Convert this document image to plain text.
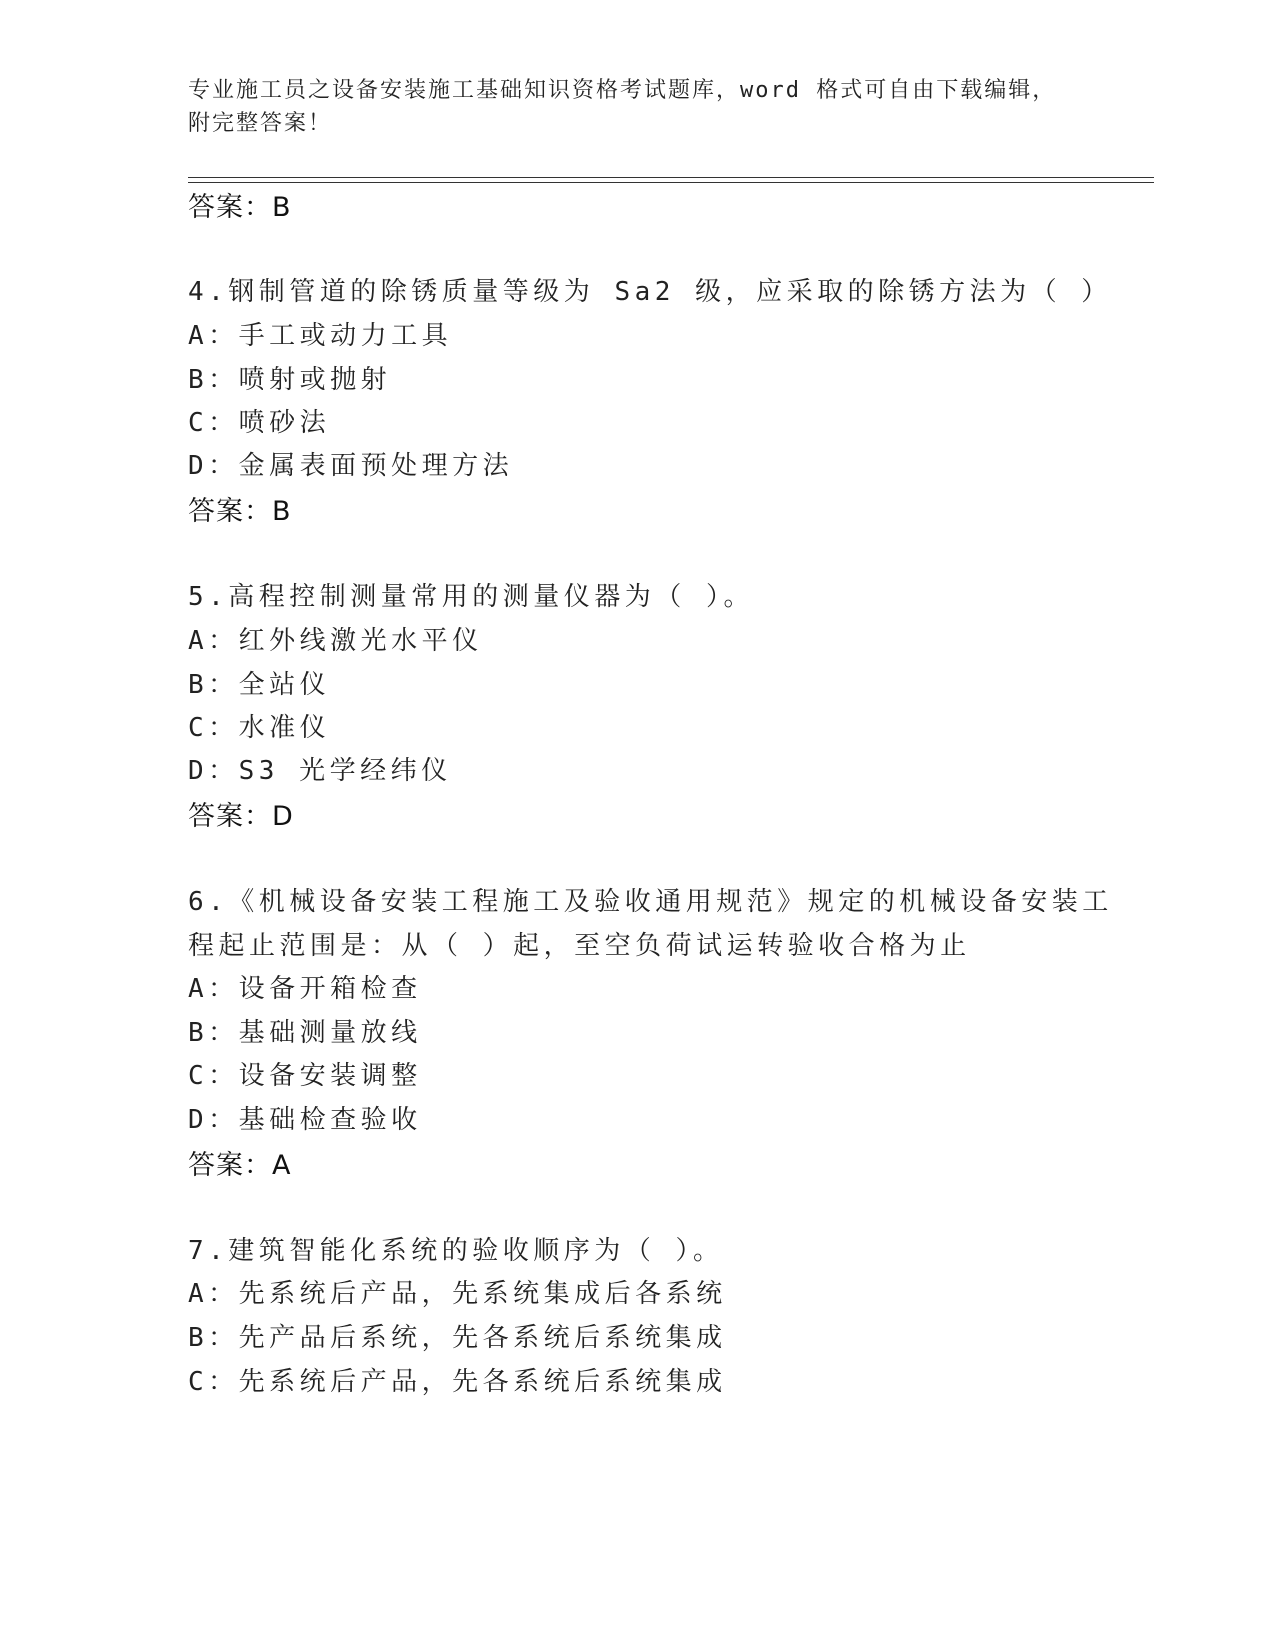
专业施工员之设备安装施工基础知识资格考试题库，word 格式可自由下载编辑，
附完整答案！
答案：B
4.钢制管道的除锈质量等级为 Sa2 级，应采取的除锈方法为（ ）
A：手工或动力工具
B：喷射或抛射
C：喷砂法
D：金属表面预处理方法
答案：B
5.高程控制测量常用的测量仪器为（ ）。
A：红外线激光水平仪
B：全站仪
C：水准仪
D：S3 光学经纬仪
答案：D
6.《机械设备安装工程施工及验收通用规范》规定的机械设备安装工
程起止范围是：从（ ）起，至空负荷试运转验收合格为止
A：设备开箱检查
B：基础测量放线
C：设备安装调整
D：基础检查验收
答案：A
7.建筑智能化系统的验收顺序为（ ）。
A：先系统后产品，先系统集成后各系统
B：先产品后系统，先各系统后系统集成
C：先系统后产品，先各系统后系统集成
